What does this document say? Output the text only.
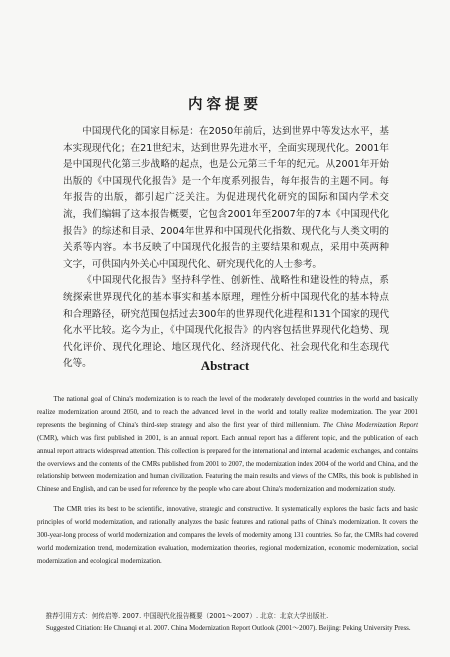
内容提要

中国现代化的国家目标是：在2050年前后，达到世界中等发达水平，基本实现现代化；在21世纪末，达到世界先进水平，全面实现现代化。2001年是中国现代化第三步战略的起点，也是公元第三千年的纪元。从2001年开始出版的《中国现代化报告》是一个年度系列报告，每年报告的主题不同。每年报告的出版，都引起广泛关注。为促进现代化研究的国际和国内学术交流，我们编辑了这本报告概要，它包含2001年至2007年的7本《中国现代化报告》的综述和目录、2004年世界和中国现代化指数、现代化与人类文明的关系等内容。本书反映了中国现代化报告的主要结果和观点，采用中英两种文字，可供国内外关心中国现代化、研究现代化的人士参考。

《中国现代化报告》坚持科学性、创新性、战略性和建设性的特点，系统探索世界现代化的基本事实和基本原理，理性分析中国现代化的基本特点和合理路径，研究范围包括过去300年的世界现代化进程和131个国家的现代化水平比较。迄今为止，《中国现代化报告》的内容包括世界现代化趋势、现代化评价、现代化理论、地区现代化、经济现代化、社会现代化和生态现代化等。	Abstract

The national goal of China's modernization is to reach the level of the moderately developed countries in the world and basically realize modernization around 2050, and to reach the advanced level in the world and totally realize modernization. The year 2001 represents the beginning of China's third-step strategy and also the first year of third millennium. The China Modernization Report (CMR), which was first published in 2001, is an annual report. Each annual report has a different topic, and the publication of each annual report attracts widespread attention. This collection is prepared for the international and internal academic exchanges, and contains the overviews and the contents of the CMRs published from 2001 to 2007, the modernization index 2004 of the world and China, and the relationship between modernization and human civilization. Featuring the main results and views of the CMRs, this book is published in Chinese and English, and can be used for reference by the people who care about China's modernization and modernization study.

The CMR tries its best to be scientific, innovative, strategic and constructive. It systematically explores the basic facts and basic principles of world modernization, and rationally analyzes the basic features and rational paths of China's modernization. It covers the 300-year-long process of world modernization and compares the levels of modernity among 131 countries. So far, the CMRs had covered world modernization trend, modernization evaluation, modernization theories, regional modernization, economic modernization, social modernization and ecological modernization.

推荐引用方式：何传启等. 2007. 中国现代化报告概要（2001～2007）. 北京：北京大学出版社.

Suggested Citiation: He Chuanqi et al. 2007. China Modernization Report Outlook (2001～2007). Beijing: Peking University Press.
